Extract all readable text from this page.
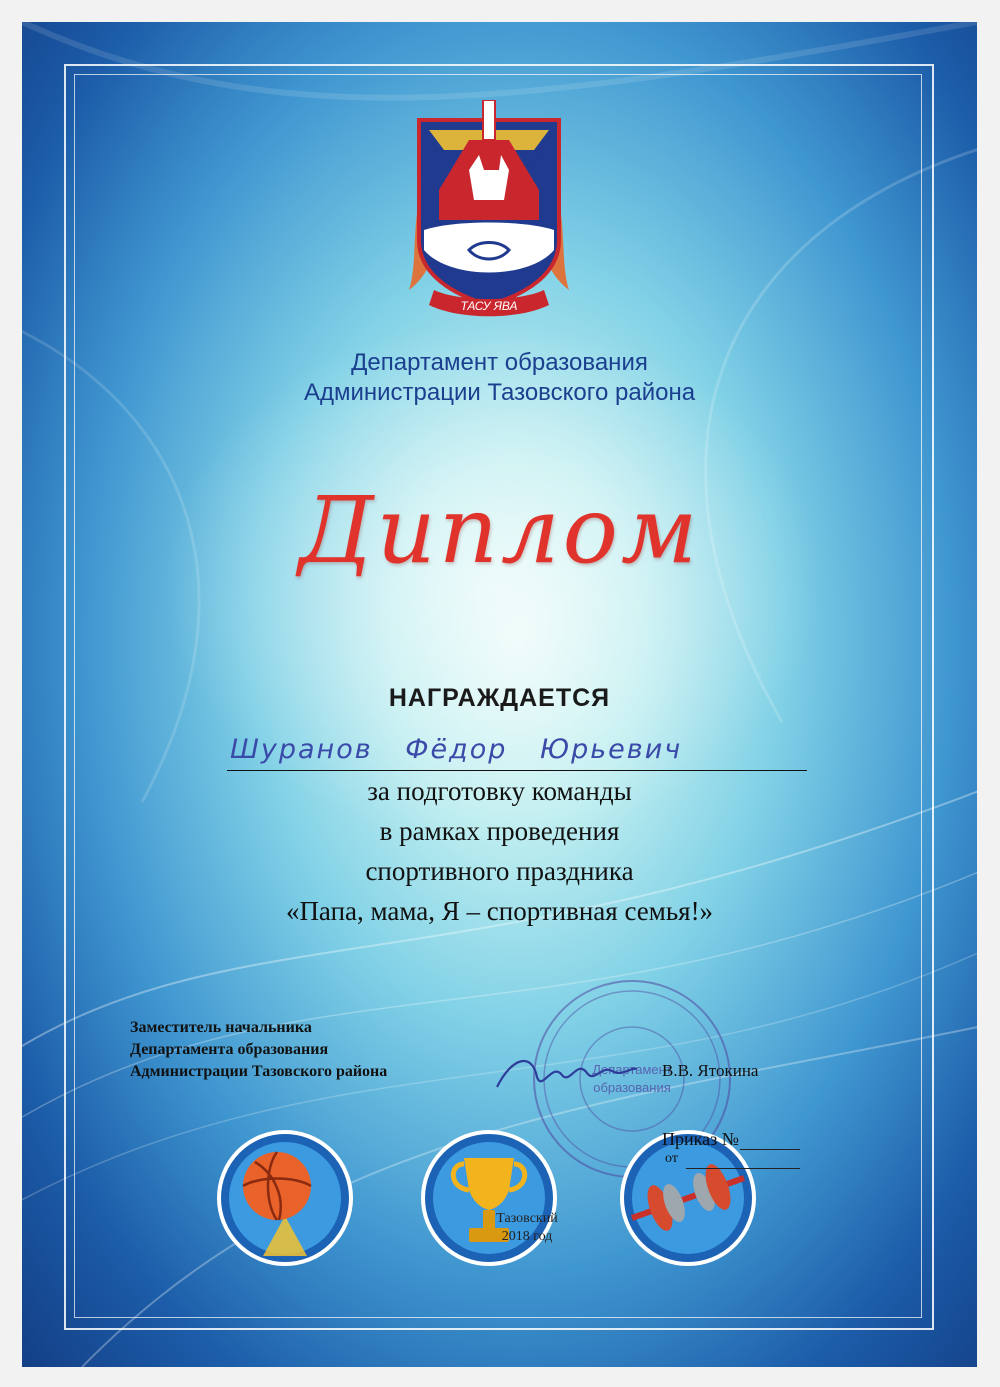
ТАСУ ЯВА
Департамент образования
Администрации Тазовского района
Диплом
НАГРАЖДАЕТСЯ
Шуранов Фёдор Юрьевич
за подготовку команды
в рамках проведения
спортивного праздника
«Папа, мама, Я – спортивная семья!»
Заместитель начальника
Департамента образования
Администрации Тазовского района	Департамент
образования
В.В. Ятокина
Тазовский
2018 год
Приказ №
от
